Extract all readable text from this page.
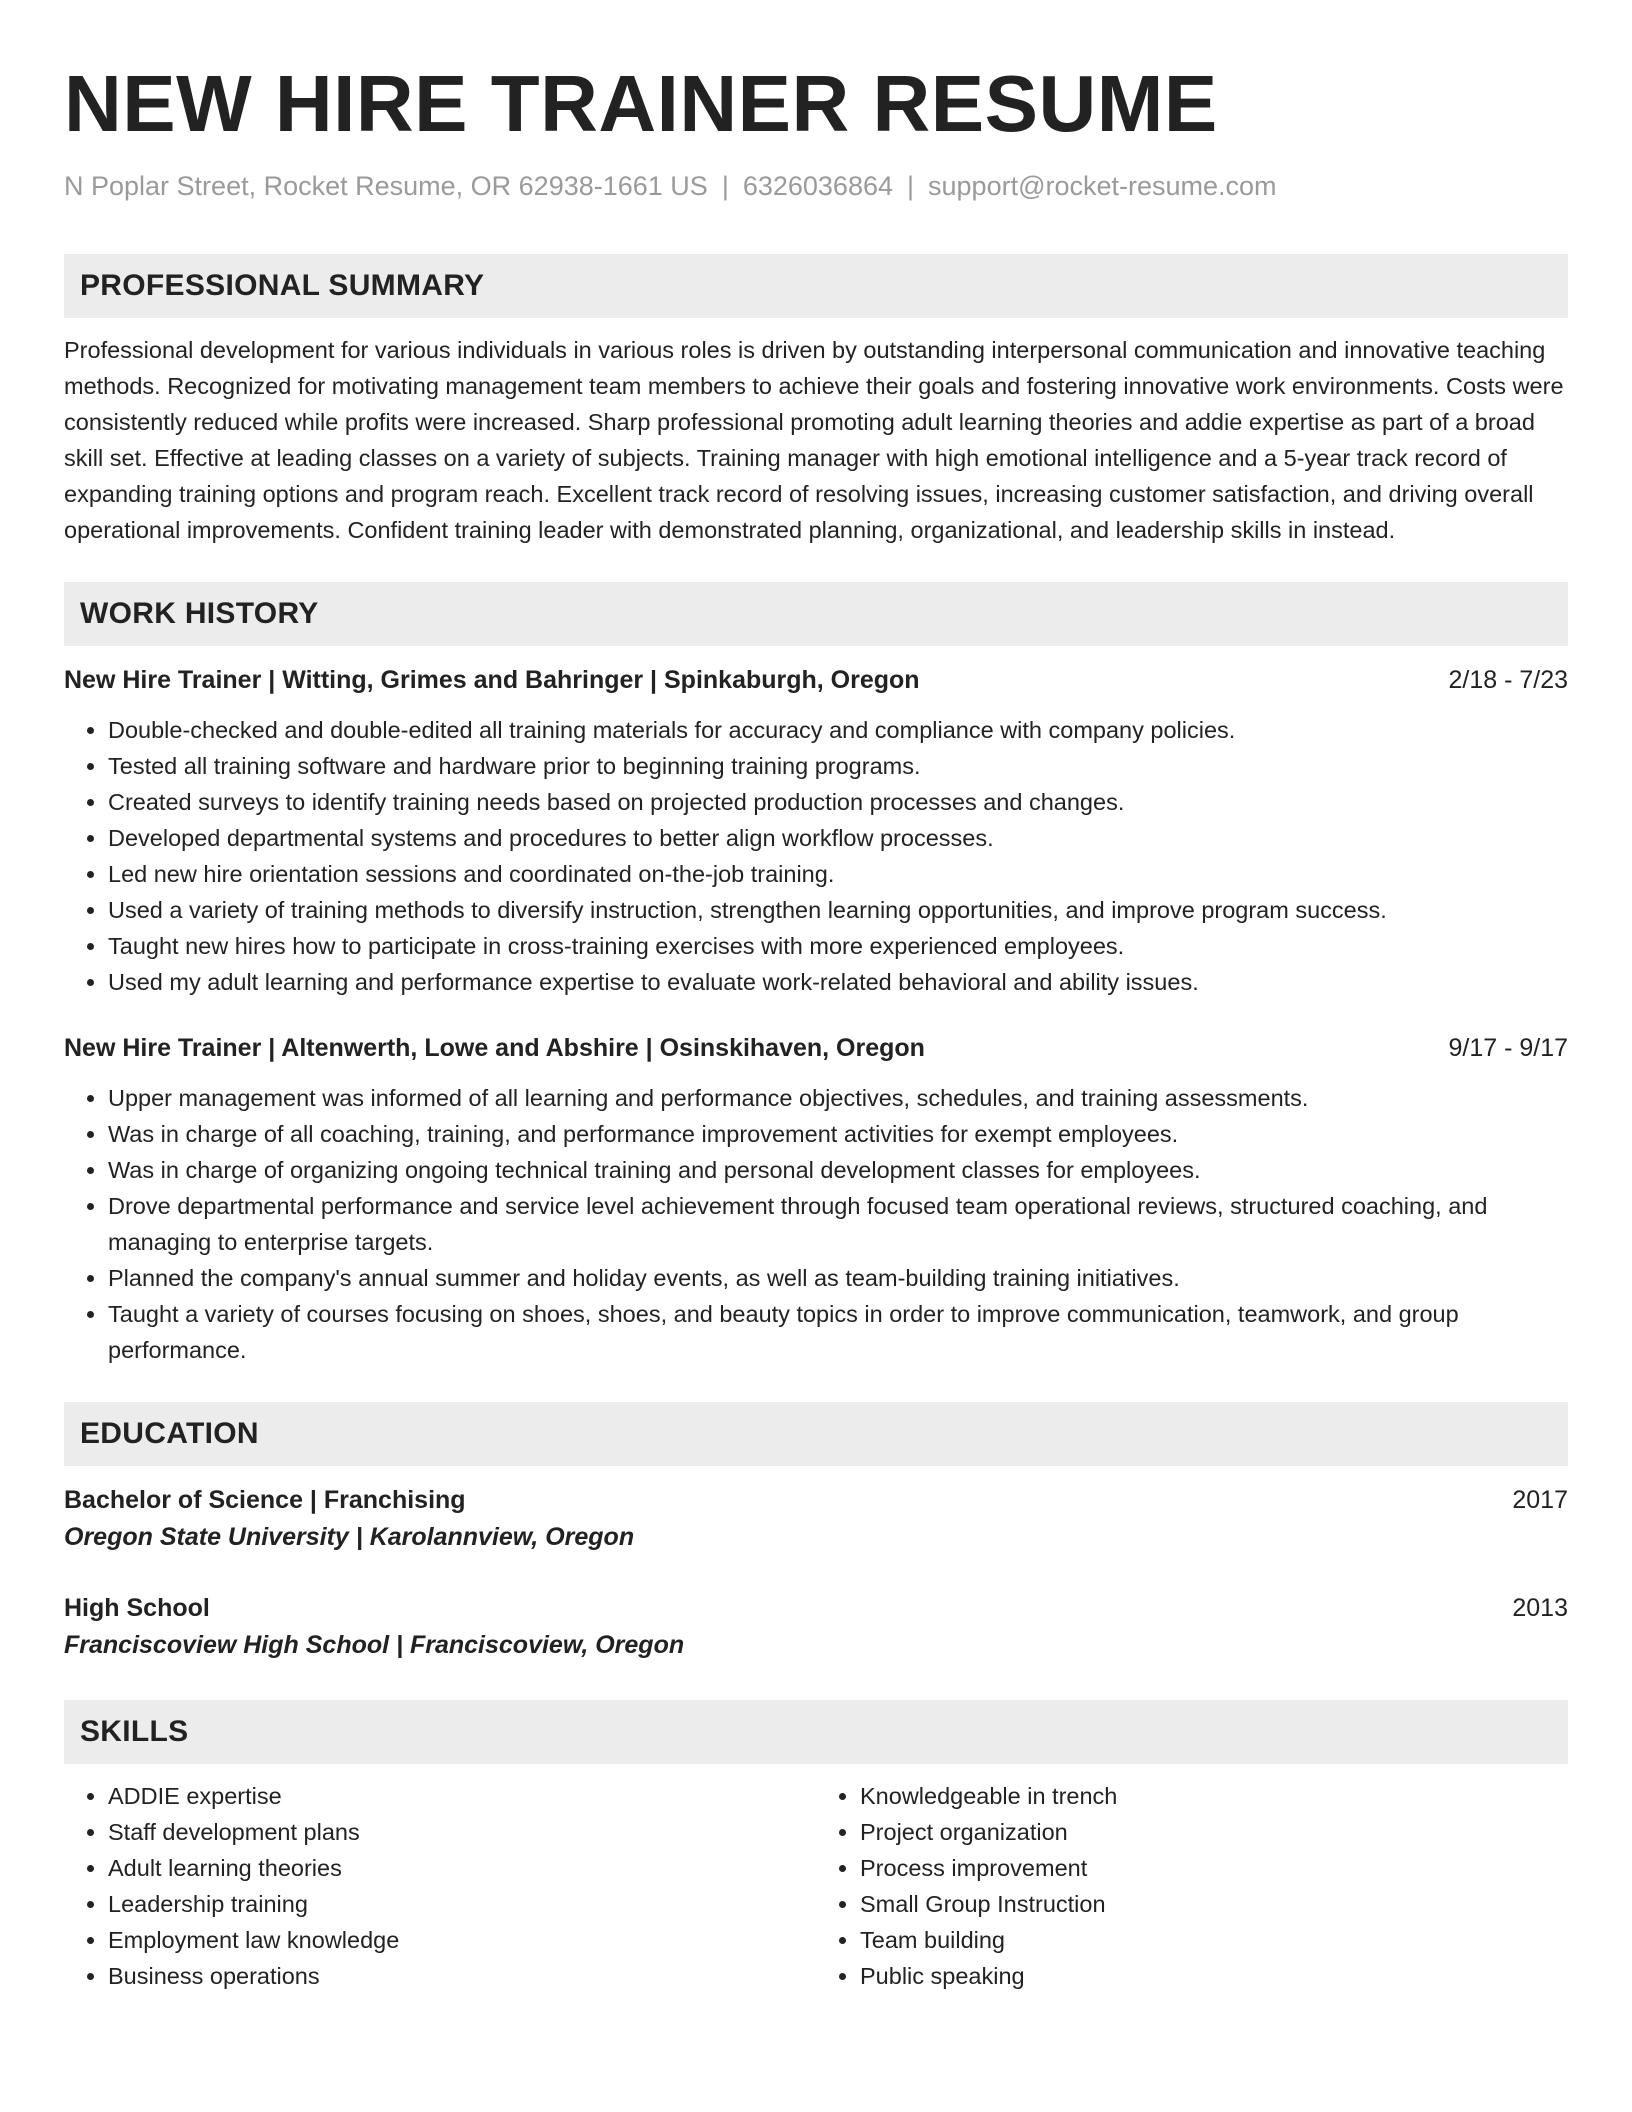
NEW HIRE TRAINER RESUME
N Poplar Street, Rocket Resume, OR 62938-1661 US | 6326036864 | support@rocket-resume.com
PROFESSIONAL SUMMARY

Professional development for various individuals in various roles is driven by outstanding interpersonal communication and innovative teaching methods. Recognized for motivating management team members to achieve their goals and fostering innovative work environments. Costs were consistently reduced while profits were increased. Sharp professional promoting adult learning theories and addie expertise as part of a broad skill set. Effective at leading classes on a variety of subjects. Training manager with high emotional intelligence and a 5-year track record of expanding training options and program reach. Excellent track record of resolving issues, increasing customer satisfaction, and driving overall operational improvements. Confident training leader with demonstrated planning, organizational, and leadership skills in instead.

WORK HISTORY
New Hire Trainer | Witting, Grimes and Bahringer | Spinkaburgh, Oregon	2/18 - 7/23
• Double-checked and double-edited all training materials for accuracy and compliance with company policies.
• Tested all training software and hardware prior to beginning training programs.
• Created surveys to identify training needs based on projected production processes and changes.
• Developed departmental systems and procedures to better align workflow processes.
• Led new hire orientation sessions and coordinated on-the-job training.
• Used a variety of training methods to diversify instruction, strengthen learning opportunities, and improve program success.
• Taught new hires how to participate in cross-training exercises with more experienced employees.
• Used my adult learning and performance expertise to evaluate work-related behavioral and ability issues.
New Hire Trainer | Altenwerth, Lowe and Abshire | Osinskihaven, Oregon	9/17 - 9/17
• Upper management was informed of all learning and performance objectives, schedules, and training assessments.
• Was in charge of all coaching, training, and performance improvement activities for exempt employees.
• Was in charge of organizing ongoing technical training and personal development classes for employees.
• Drove departmental performance and service level achievement through focused team operational reviews, structured coaching, and managing to enterprise targets.
• Planned the company's annual summer and holiday events, as well as team-building training initiatives.
• Taught a variety of courses focusing on shoes, shoes, and beauty topics in order to improve communication, teamwork, and group performance.
EDUCATION
Bachelor of Science | Franchising	2017
Oregon State University | Karolannview, Oregon
High School	2013
Franciscoview High School | Franciscoview, Oregon
SKILLS
• ADDIE expertise
• Staff development plans
• Adult learning theories
• Leadership training
• Employment law knowledge
• Business operations
• Knowledgeable in trench
• Project organization
• Process improvement
• Small Group Instruction
• Team building
• Public speaking
